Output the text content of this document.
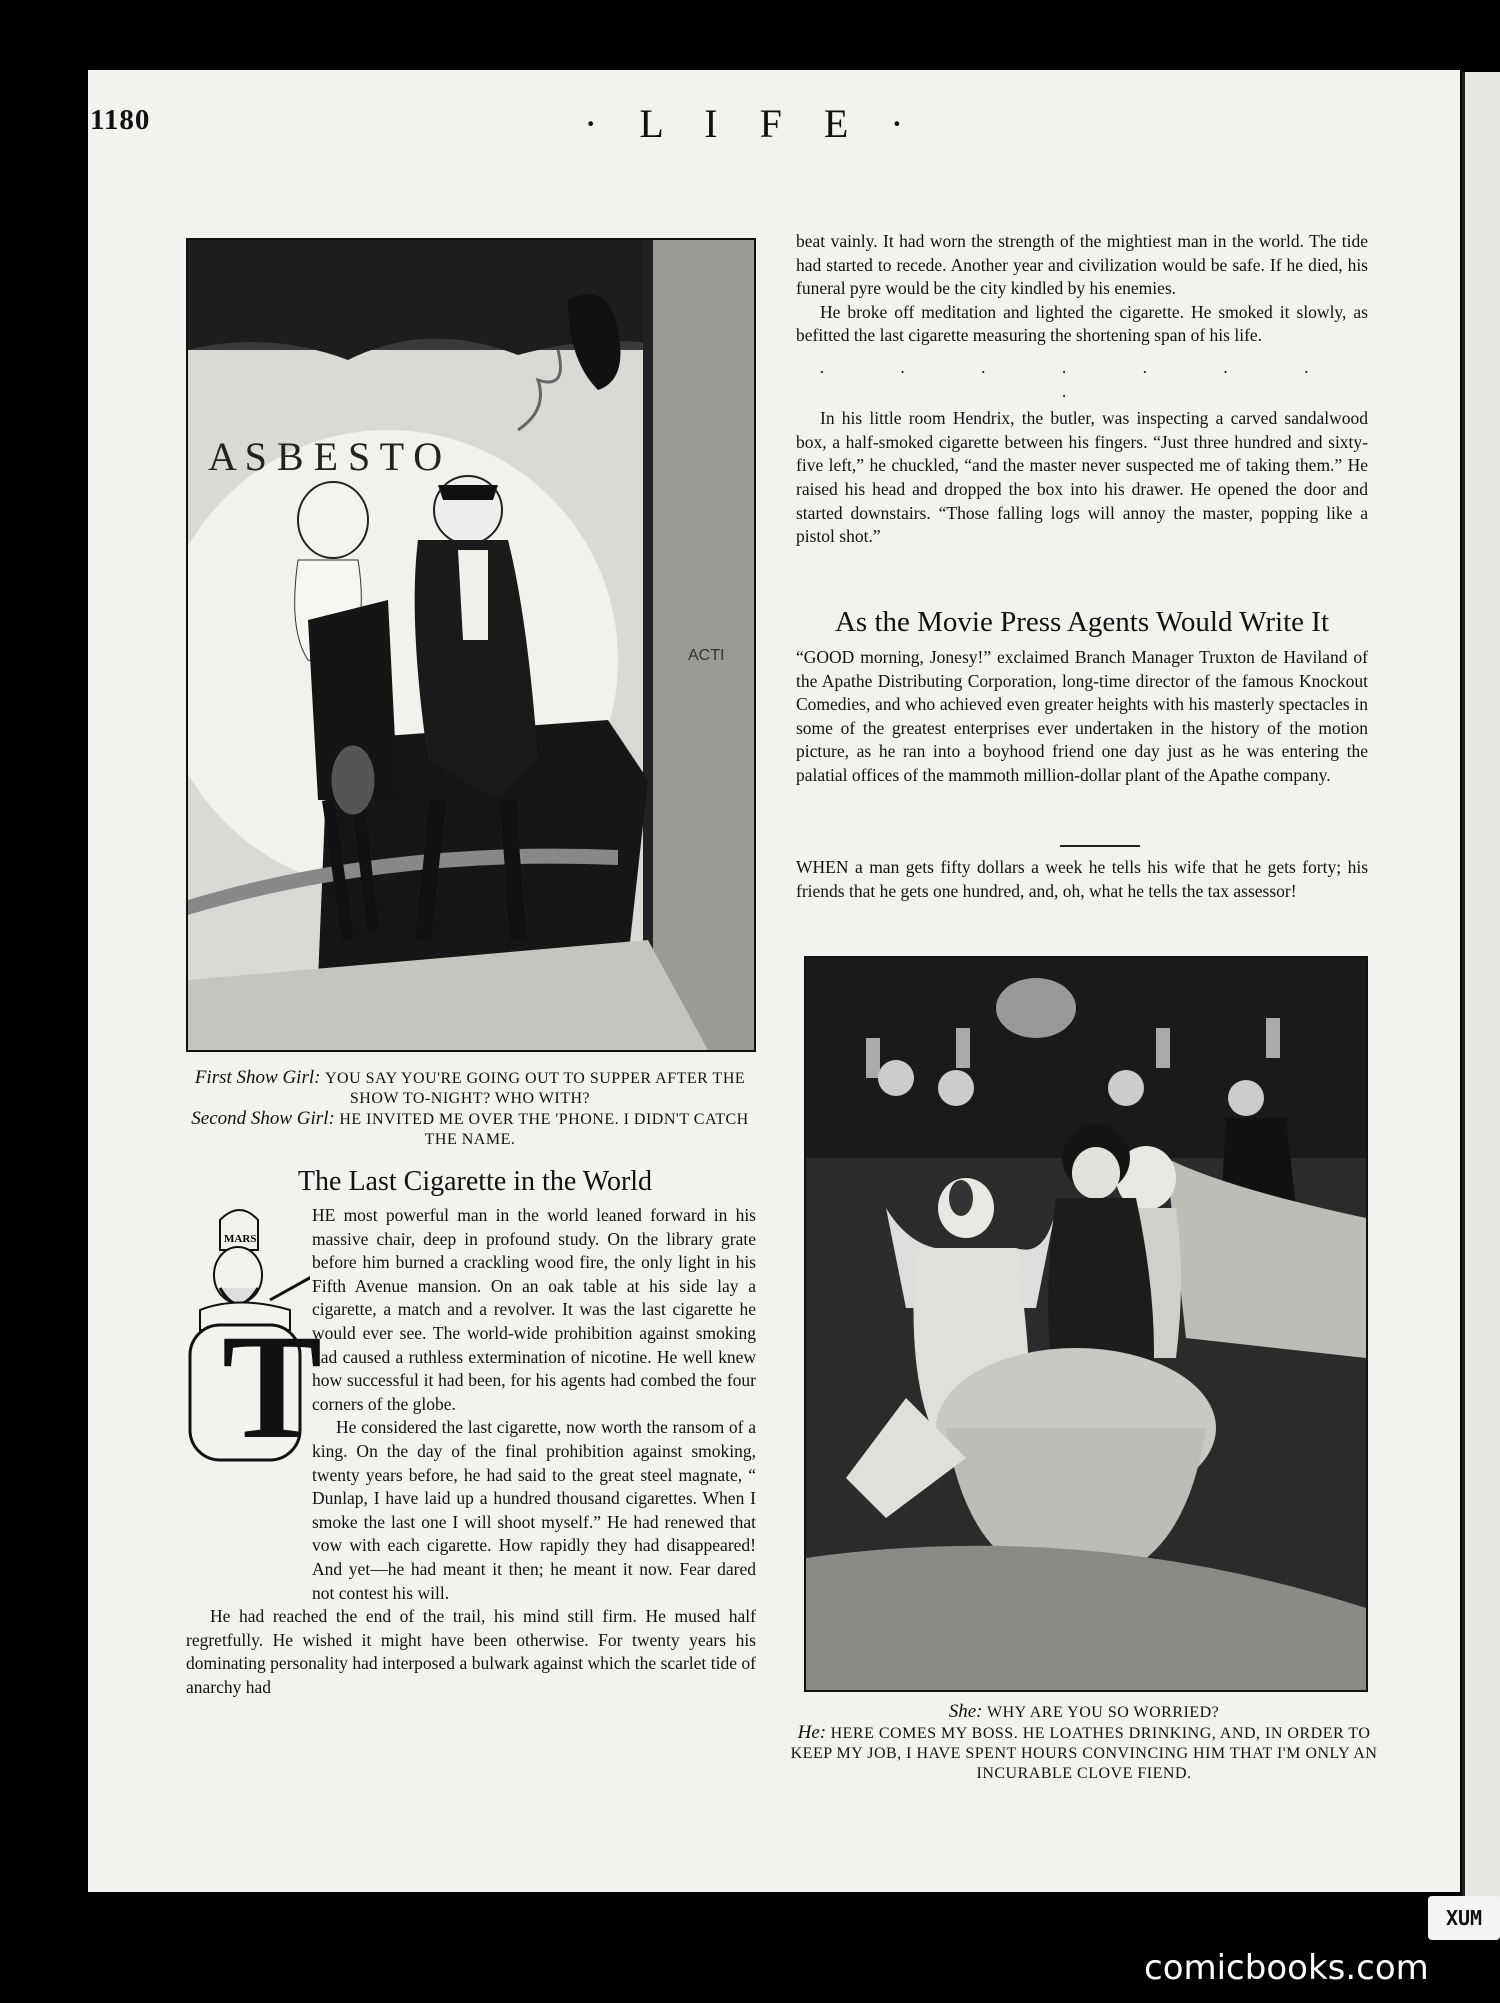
1180	· L I F E ·
A S B E S T O
ACTI
First Show Girl: YOU SAY YOU'RE GOING OUT TO SUPPER AFTER THE SHOW TO-NIGHT? WHO WITH?
Second Show Girl: HE INVITED ME OVER THE 'PHONE. I DIDN'T CATCH THE NAME.
The Last Cigarette in the World
MARS
T

HE most powerful man in the world leaned forward in his massive chair, deep in profound study. On the library grate before him burned a crackling wood fire, the only light in his Fifth Avenue mansion. On an oak table at his side lay a cigarette, a match and a revolver. It was the last cigarette he would ever see. The world-wide prohibition against smoking had caused a ruthless extermination of nicotine. He well knew how successful it had been, for his agents had combed the four corners of the globe.

He considered the last cigarette, now worth the ransom of a king. On the day of the final prohibition against smoking, twenty years before, he had said to the great steel magnate, “ Dunlap, I have laid up a hundred thousand cigarettes. When I smoke the last one I will shoot myself.” He had renewed that vow with each cigarette. How rapidly they had disappeared! And yet—he had meant it then; he meant it now. Fear dared not contest his will.

He had reached the end of the trail, his mind still firm. He mused half regretfully. He wished it might have been otherwise. For twenty years his dominating personality had interposed a bulwark against which the scarlet tide of anarchy had

beat vainly. It had worn the strength of the mightiest man in the world. The tide had started to recede. Another year and civilization would be safe. If he died, his funeral pyre would be the city kindled by his enemies.

He broke off meditation and lighted the cigarette. He smoked it slowly, as befitted the last cigarette measuring the shortening span of his life.

. . . . . . . .

In his little room Hendrix, the butler, was inspecting a carved sandalwood box, a half-smoked cigarette between his fingers. “Just three hundred and sixty-five left,” he chuckled, “and the master never suspected me of taking them.” He raised his head and dropped the box into his drawer. He opened the door and started downstairs. “Those falling logs will annoy the master, popping like a pistol shot.”

As the Movie Press Agents Would Write It

“GOOD morning, Jonesy!” exclaimed Branch Manager Truxton de Haviland of the Apathe Distributing Corporation, long-time director of the famous Knockout Comedies, and who achieved even greater heights with his masterly spectacles in some of the greatest enterprises ever undertaken in the history of the motion picture, as he ran into a boyhood friend one day just as he was entering the palatial offices of the mammoth million-dollar plant of the Apathe company.

WHEN a man gets fifty dollars a week he tells his wife that he gets forty; his friends that he gets one hundred, and, oh, what he tells the tax assessor!

She: WHY ARE YOU SO WORRIED?
He: HERE COMES MY BOSS. HE LOATHES DRINKING, AND, IN ORDER TO KEEP MY JOB, I HAVE SPENT HOURS CONVINCING HIM THAT I'M ONLY AN INCURABLE CLOVE FIEND.
XUM
comicbooks.com
